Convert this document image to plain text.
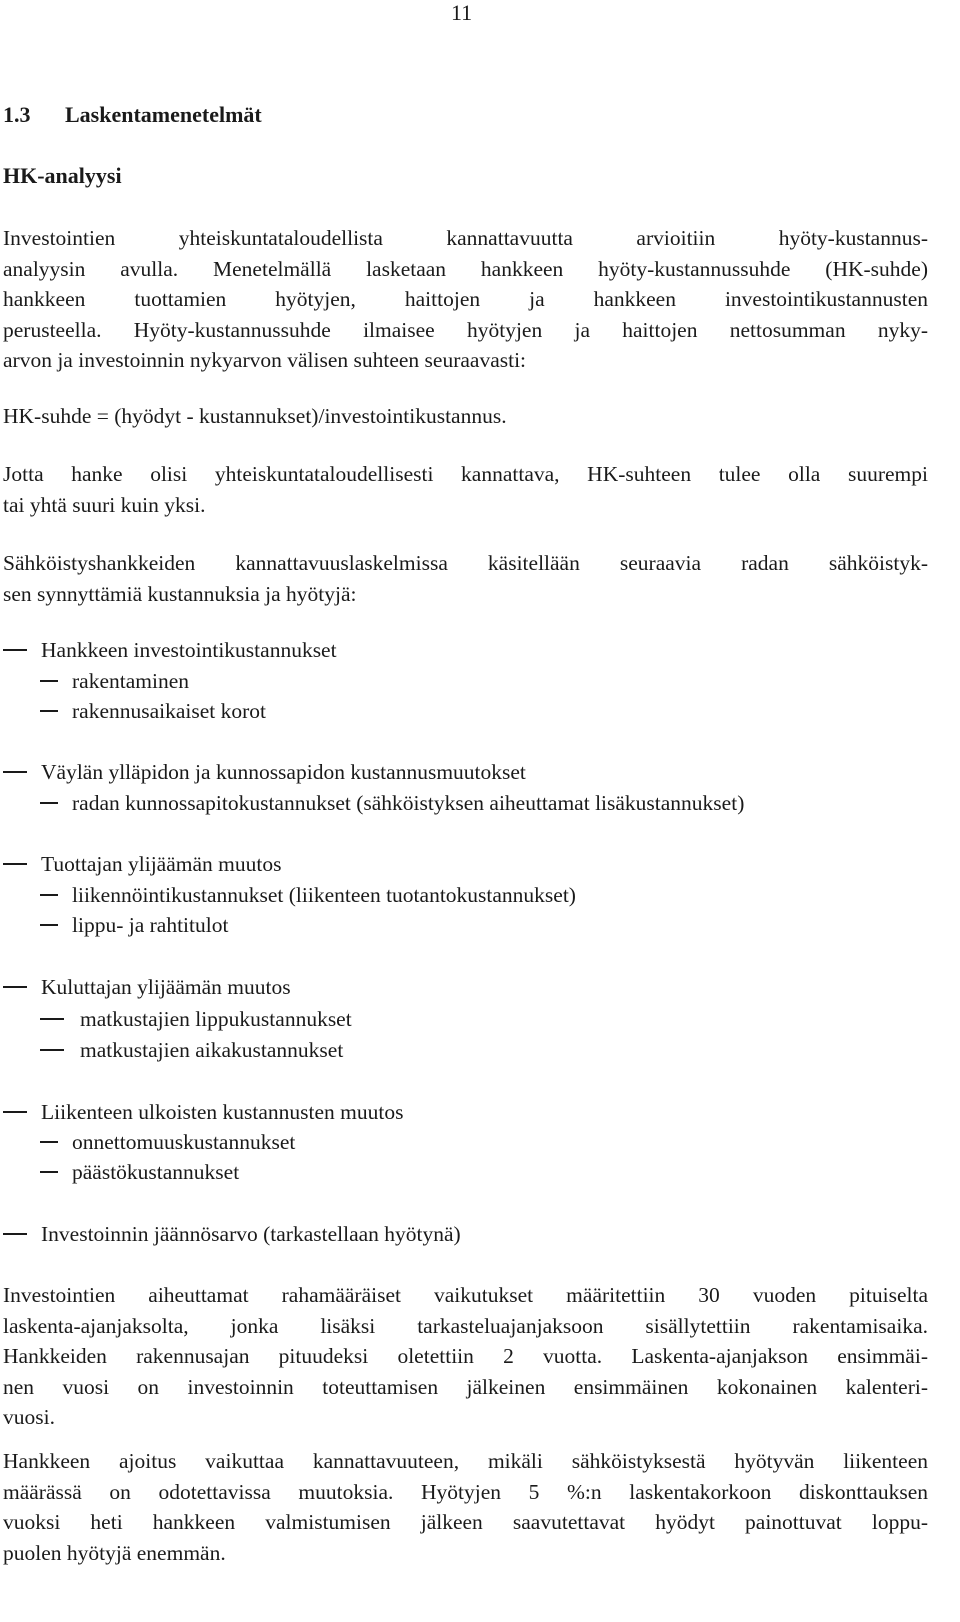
11
1.3 Laskentamenetelmät
HK-analyysi
Investointien yhteiskuntataloudellista kannattavuutta arvioitiin hyöty-kustannus-
analyysin avulla. Menetelmällä lasketaan hankkeen hyöty-kustannussuhde (HK-suhde)
hankkeen tuottamien hyötyjen, haittojen ja hankkeen investointikustannusten
perusteella. Hyöty-kustannussuhde ilmaisee hyötyjen ja haittojen nettosumman nyky-
arvon ja investoinnin nykyarvon välisen suhteen seuraavasti:
HK-suhde = (hyödyt - kustannukset)/investointikustannus.
Jotta hanke olisi yhteiskuntataloudellisesti kannattava, HK-suhteen tulee olla suurempi
tai yhtä suuri kuin yksi.
Sähköistyshankkeiden kannattavuuslaskelmissa käsitellään seuraavia radan sähköistyk-
sen synnyttämiä kustannuksia ja hyötyjä:
Hankkeen investointikustannukset
rakentaminen
rakennusaikaiset korot
Väylän ylläpidon ja kunnossapidon kustannusmuutokset
radan kunnossapitokustannukset (sähköistyksen aiheuttamat lisäkustannukset)
Tuottajan ylijäämän muutos
liikennöintikustannukset (liikenteen tuotantokustannukset)
lippu- ja rahtitulot
Kuluttajan ylijäämän muutos
matkustajien lippukustannukset
matkustajien aikakustannukset
Liikenteen ulkoisten kustannusten muutos
onnettomuuskustannukset
päästökustannukset
Investoinnin jäännösarvo (tarkastellaan hyötynä)
Investointien aiheuttamat rahamääräiset vaikutukset määritettiin 30 vuoden pituiselta
laskenta-ajanjaksolta, jonka lisäksi tarkasteluajanjaksoon sisällytettiin rakentamisaika.
Hankkeiden rakennusajan pituudeksi oletettiin 2 vuotta. Laskenta-ajanjakson ensimmäi-
nen vuosi on investoinnin toteuttamisen jälkeinen ensimmäinen kokonainen kalenteri-
vuosi.
Hankkeen ajoitus vaikuttaa kannattavuuteen, mikäli sähköistyksestä hyötyvän liikenteen
määrässä on odotettavissa muutoksia. Hyötyjen 5 %:n laskentakorkoon diskonttauksen
vuoksi heti hankkeen valmistumisen jälkeen saavutettavat hyödyt painottuvat loppu-
puolen hyötyjä enemmän.
